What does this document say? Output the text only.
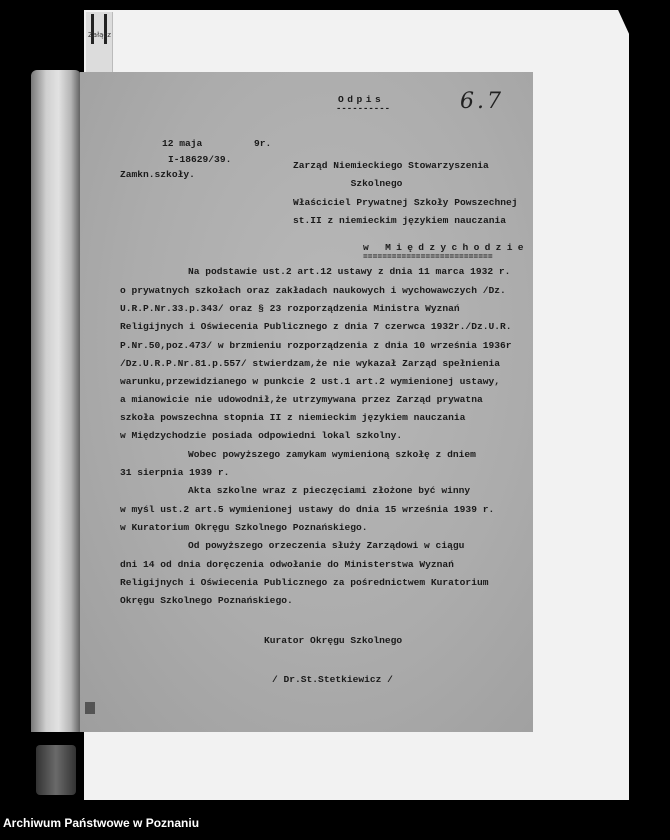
Załącz
Odpis
----------	6.7
12 maja	9r.
I-18629/39.
Zamkn.szkoły.
Zarząd Niemieckiego Stowarzyszenia
Szkolnego
Właściciel Prywatnej Szkoły Powszechnej
st.II z niemieckim językiem nauczania
w Międzychodzie
===========================
Na podstawie ust.2 art.12 ustawy z dnia 11 marca 1932 r.
o prywatnych szkołach oraz zakładach naukowych i wychowawczych /Dz.
U.R.P.Nr.33.p.343/ oraz § 23 rozporządzenia Ministra Wyznań
Religijnych i Oświecenia Publicznego z dnia 7 czerwca 1932r./Dz.U.R.
P.Nr.50,poz.473/ w brzmieniu rozporządzenia z dnia 10 września 1936r
/Dz.U.R.P.Nr.81.p.557/ stwierdzam,że nie wykazał Zarząd spełnienia
warunku,przewidzianego w punkcie 2 ust.1 art.2 wymienionej ustawy,
a mianowicie nie udowodnił,że utrzymywana przez Zarząd prywatna
szkoła powszechna stopnia II z niemieckim językiem nauczania
w Międzychodzie posiada odpowiedni lokal szkolny.
Wobec powyższego zamykam wymienioną szkołę z dniem
31 sierpnia 1939 r.
Akta szkolne wraz z pieczęciami złożone być winny
w myśl ust.2 art.5 wymienionej ustawy do dnia 15 września 1939 r.
w Kuratorium Okręgu Szkolnego Poznańskiego.
Od powyższego orzeczenia służy Zarządowi w ciągu
dni 14 od dnia doręczenia odwołanie do Ministerstwa Wyznań
Religijnych i Oświecenia Publicznego za pośrednictwem Kuratorium
Okręgu Szkolnego Poznańskiego.
Kurator Okręgu Szkolnego
/ Dr.St.Stetkiewicz /
Archiwum Państwowe w Poznaniu
